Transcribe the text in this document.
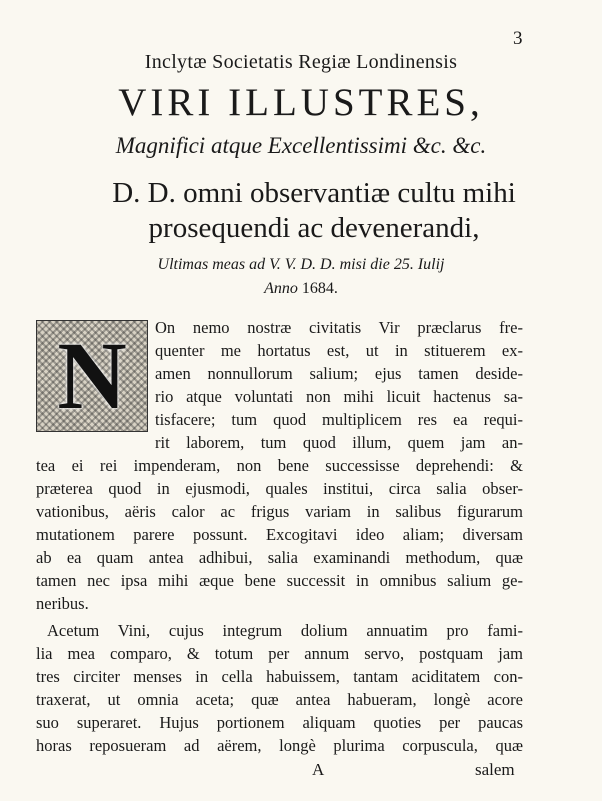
3
Inclytæ Societatis Regiæ Londinensis
VIRI ILLUSTRES,
Magnifici atque Excellentissimi &c. &c.
D. D. omni observantiæ cultu mihi
prosequendi ac devenerandi,
Ultimas meas ad V. V. D. D. misi die 25. Iulij
Anno 1684.
N	On nemo nostræ civitatis Vir præclarus fre-
quenter me hortatus est, ut in stituerem ex-
amen nonnullorum salium; ejus tamen deside-
rio atque voluntati non mihi licuit hactenus sa-
tisfacere; tum quod multiplicem res ea requi-
rit laborem, tum quod illum, quem jam an-
tea ei rei impenderam, non bene successisse deprehendi: &
præterea quod in ejusmodi, quales institui, circa salia obser-
vationibus, aëris calor ac frigus variam in salibus figurarum
mutationem parere possunt. Excogitavi ideo aliam; diversam
ab ea quam antea adhibui, salia examinandi methodum, quæ
tamen nec ipsa mihi æque bene successit in omnibus salium ge-
neribus.
Acetum Vini, cujus integrum dolium annuatim pro fami-
lia mea comparo, & totum per annum servo, postquam jam
tres circiter menses in cella habuissem, tantam aciditatem con-
traxerat, ut omnia aceta; quæ antea habueram, longè acore
suo superaret. Hujus portionem aliquam quoties per paucas
horas reposueram ad aërem, longè plurima corpuscula, quæ
A	salem
